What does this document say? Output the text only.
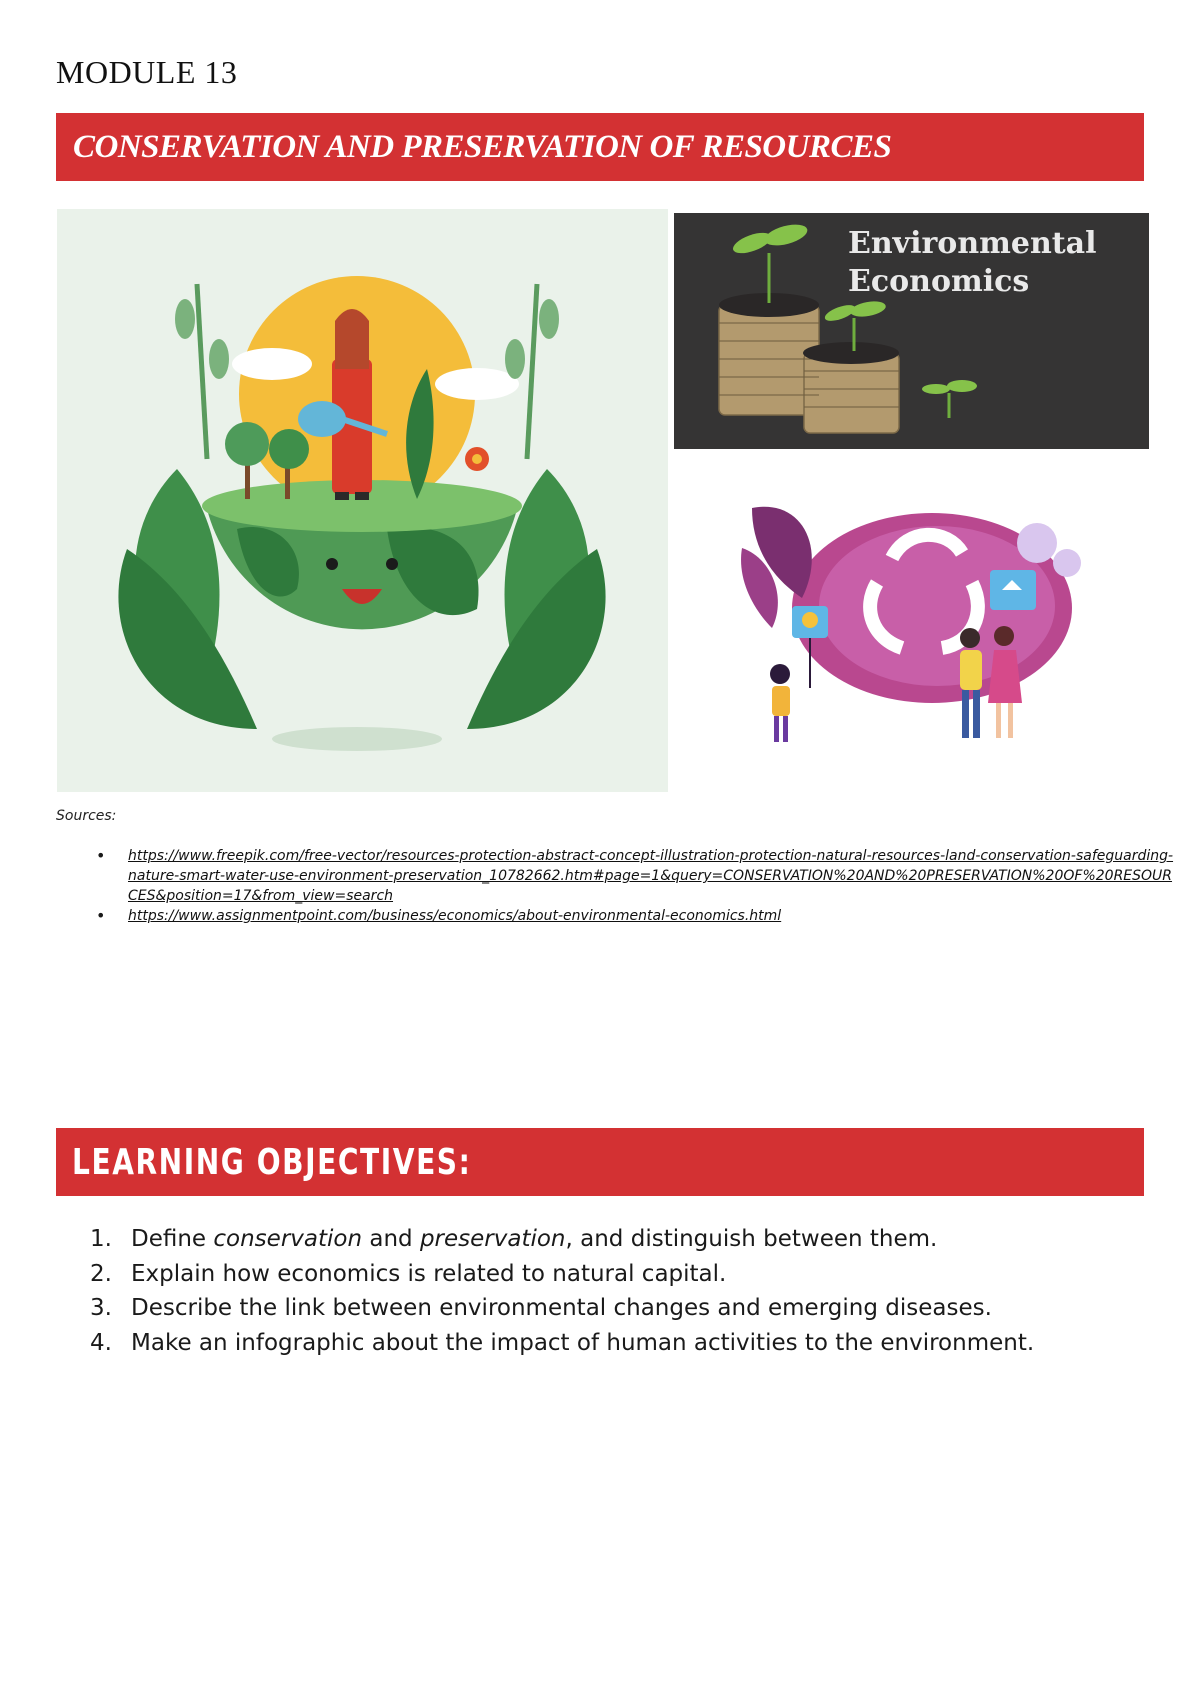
MODULE 13
CONSERVATION AND PRESERVATION OF RESOURCES
Environmental
Economics
Sources:
• https://www.freepik.com/free-vector/resources-protection-abstract-concept-illustration-protection-natural-resources-land-conservation-safeguarding-nature-smart-water-use-environment-preservation_10782662.htm#page=1&query=CONSERVATION%20AND%20PRESERVATION%20OF%20RESOURCES&position=17&from_view=search
• https://www.assignmentpoint.com/business/economics/about-environmental-economics.html
LEARNING OBJECTIVES:
1. Define conservation and preservation, and distinguish between them.
2. Explain how economics is related to natural capital.
3. Describe the link between environmental changes and emerging diseases.
4. Make an infographic about the impact of human activities to the environment.
